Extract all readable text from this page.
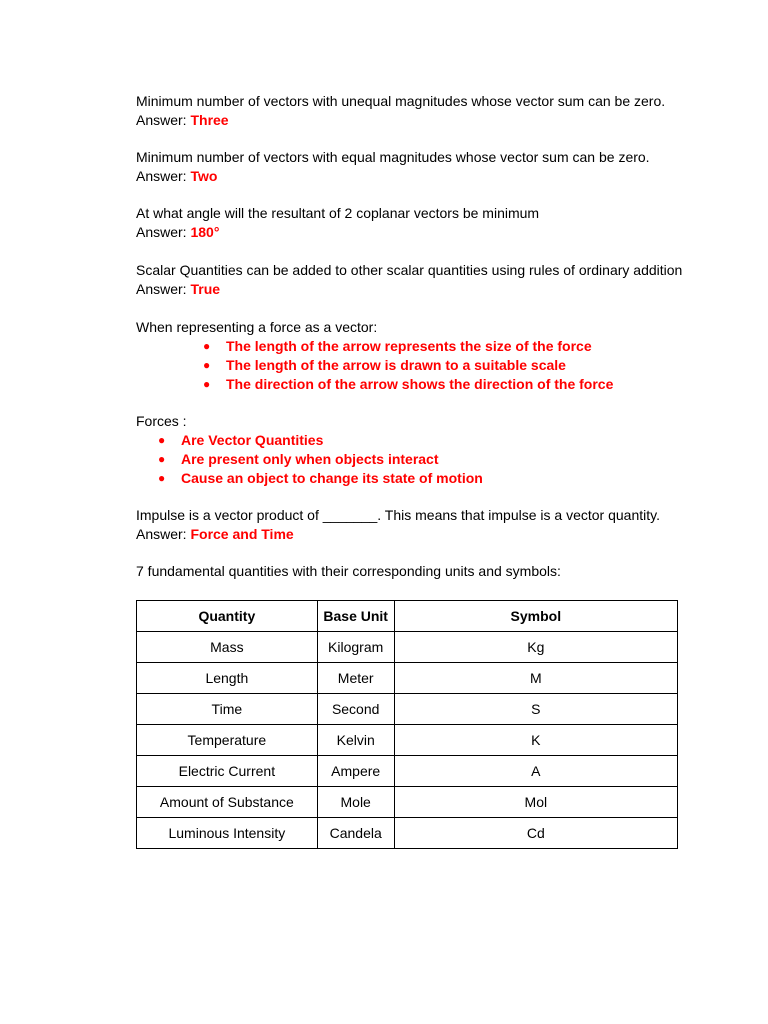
Minimum number of vectors with unequal magnitudes whose vector sum can be zero.
Answer: Three
Minimum number of vectors with equal magnitudes whose vector sum can be zero.
Answer: Two
At what angle will the resultant of 2 coplanar vectors be minimum
Answer: 180°
Scalar Quantities can be added to other scalar quantities using rules of ordinary addition
Answer: True
When representing a force as a vector:
● The length of the arrow represents the size of the force
● The length of the arrow is drawn to a suitable scale
● The direction of the arrow shows the direction of the force
Forces :
● Are Vector Quantities
● Are present only when objects interact
● Cause an object to change its state of motion
Impulse is a vector product of _______. This means that impulse is a vector quantity.
Answer: Force and Time
7 fundamental quantities with their corresponding units and symbols:
Quantity	Base Unit	Symbol
Mass	Kilogram	Kg
Length	Meter	M
Time	Second	S
Temperature	Kelvin	K
Electric Current	Ampere	A
Amount of Substance	Mole	Mol
Luminous Intensity	Candela	Cd
